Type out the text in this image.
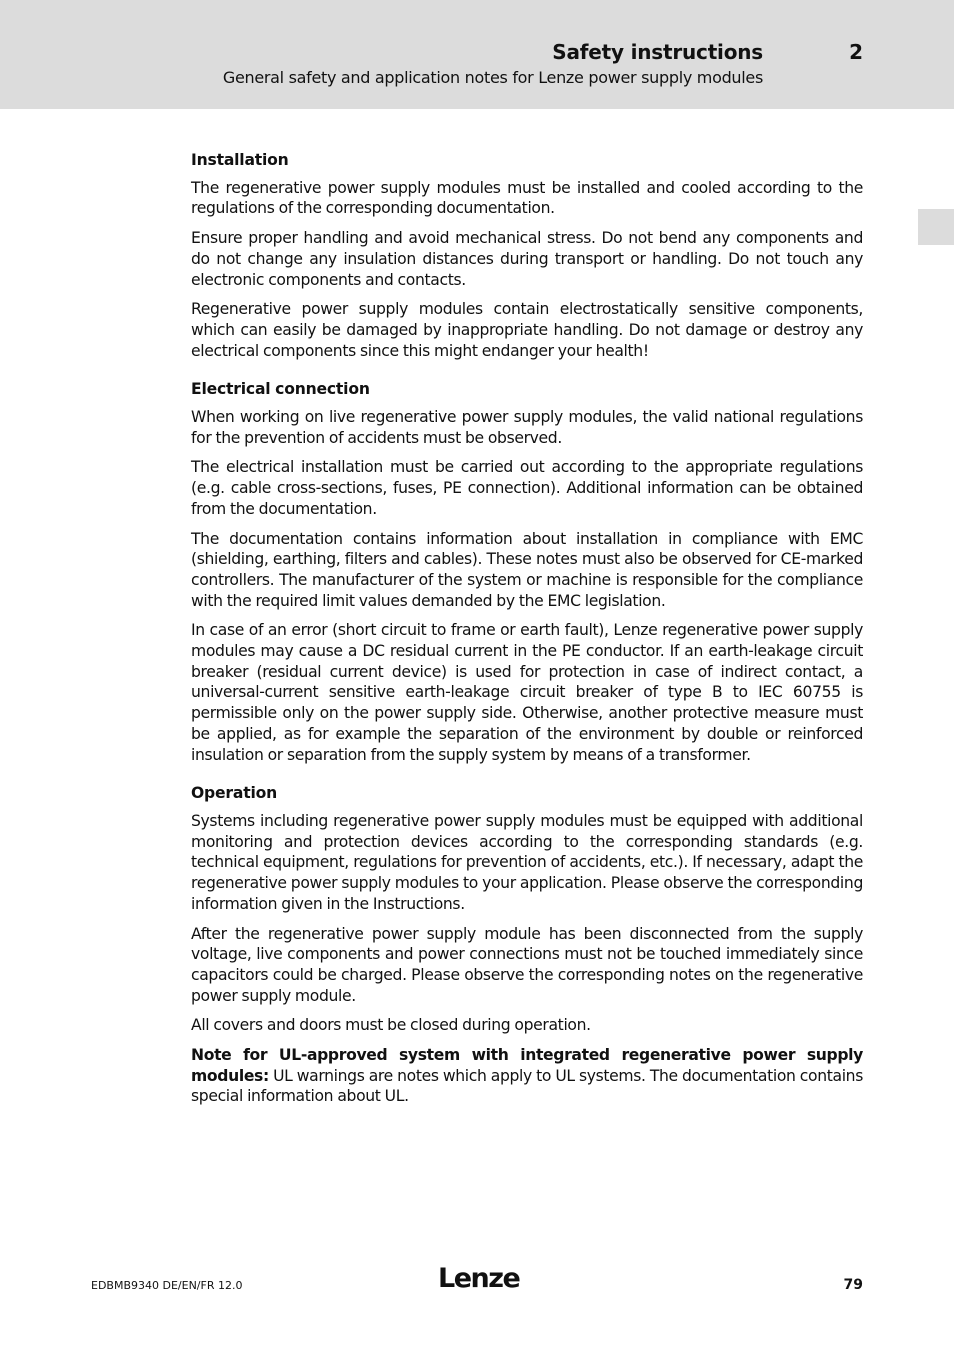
Safety instructions	2
General safety and application notes for Lenze power supply modules
Installation

The regenerative power supply modules must be installed and cooled according to the regulations of the corresponding documentation.

Ensure proper handling and avoid mechanical stress. Do not bend any components and do not change any insulation distances during transport or handling. Do not touch any electronic components and contacts.

Regenerative power supply modules contain electrostatically sensitive components, which can easily be damaged by inappropriate handling. Do not damage or destroy any electrical components since this might endanger your health!

Electrical connection

When working on live regenerative power supply modules, the valid national regulations for the prevention of accidents must be observed.

The electrical installation must be carried out according to the appropriate regulations (e.g. cable cross-sections, fuses, PE connection). Additional information can be obtained from the documentation.

The documentation contains information about installation in compliance with EMC (shielding, earthing, filters and cables). These notes must also be observed for CE-marked controllers. The manufacturer of the system or machine is responsible for the compliance with the required limit values demanded by the EMC legislation.

In case of an error (short circuit to frame or earth fault), Lenze regenerative power supply modules may cause a DC residual current in the PE conductor. If an earth-leakage circuit breaker (residual current device) is used for protection in case of indirect contact, a universal-current sensitive earth-leakage circuit breaker of type B to IEC 60755 is permissible only on the power supply side. Otherwise, another protective measure must be applied, as for example the separation of the environment by double or reinforced insulation or separation from the supply system by means of a transformer.

Operation

Systems including regenerative power supply modules must be equipped with additional monitoring and protection devices according to the corresponding standards (e.g. technical equipment, regulations for prevention of accidents, etc.). If necessary, adapt the regenerative power supply modules to your application. Please observe the corresponding information given in the Instructions.

After the regenerative power supply module has been disconnected from the supply voltage, live components and power connections must not be touched immediately since capacitors could be charged. Please observe the corresponding notes on the regenerative power supply module.

All covers and doors must be closed during operation.

Note for UL-approved system with integrated regenerative power supply modules: UL warnings are notes which apply to UL systems. The documentation contains special information about UL.

EDBMB9340 DE/EN/FR 12.0	Lenze	79
